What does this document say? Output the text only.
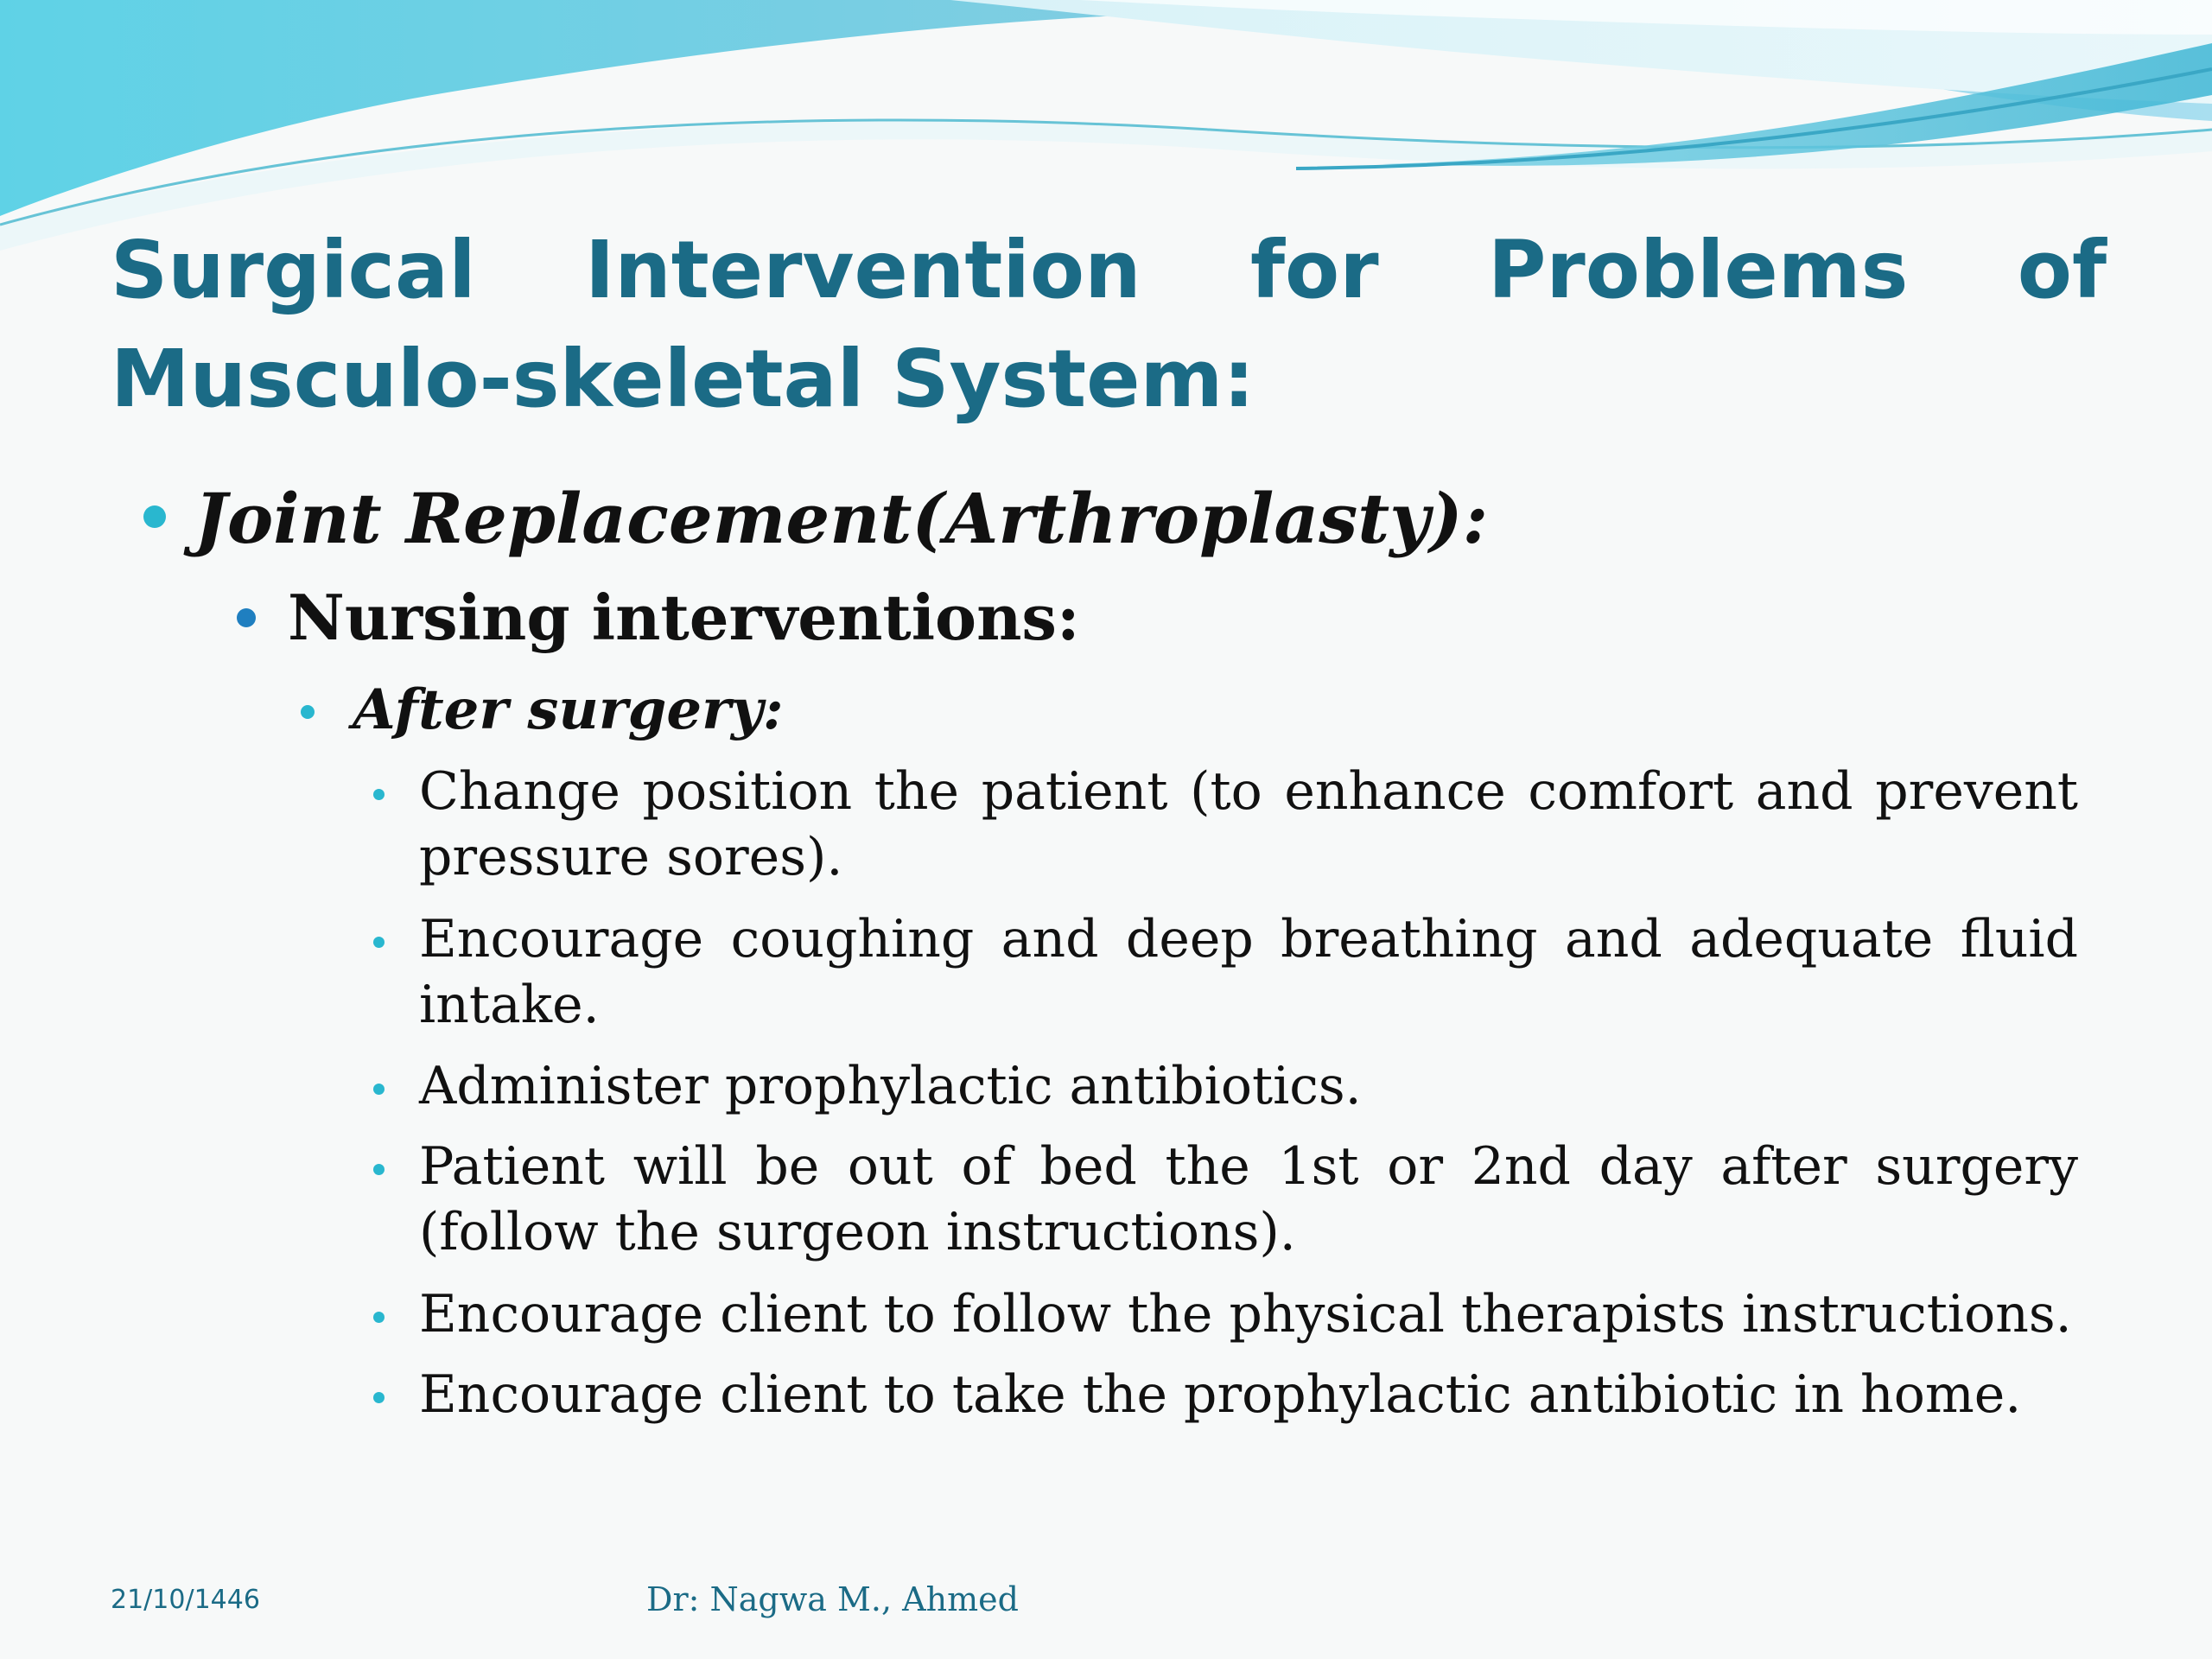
Surgical Intervention for Problems of Musculo-skeletal System:
Joint Replacement(Arthroplasty):
Nursing interventions:
After surgery:
Change position the patient (to enhance comfort and prevent pressure sores).
Encourage coughing and deep breathing and adequate fluid intake.
Administer prophylactic antibiotics.
Patient will be out of bed the 1st or 2nd day after surgery (follow the surgeon instructions).
Encourage client to follow the physical therapists instructions.
Encourage client to take the prophylactic antibiotic in home.
21/10/1446	Dr: Nagwa M., Ahmed
